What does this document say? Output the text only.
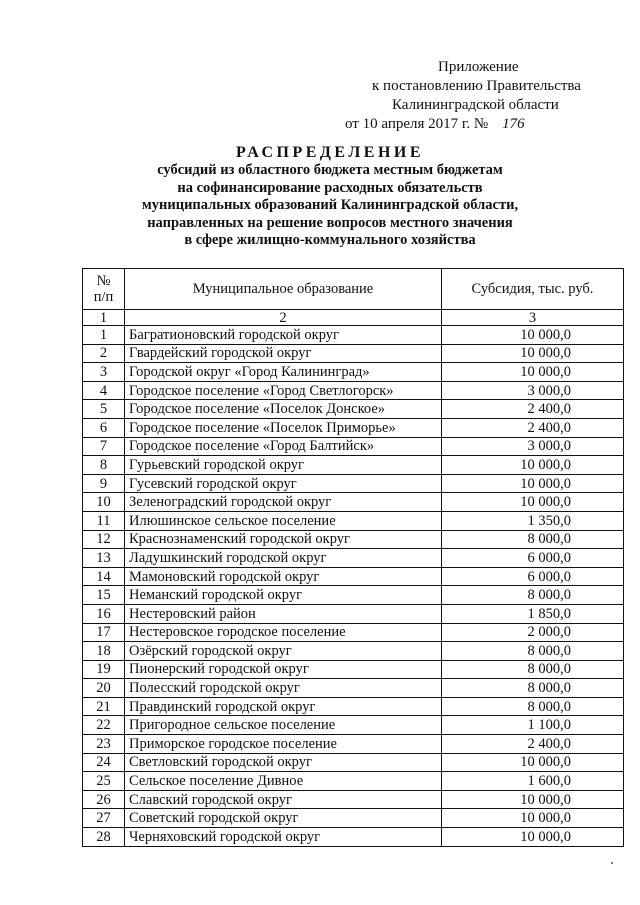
Приложение
к постановлению Правительства
Калининградской области
от 10 апреля 2017 г. № 176
РАСПРЕДЕЛЕНИЕ
субсидий из областного бюджета местным бюджетам
на софинансирование расходных обязательств
муниципальных образований Калининградской области,
направленных на решение вопросов местного значения
в сфере жилищно-коммунального хозяйства
№
п/п	Муниципальное образование	Субсидия, тыс. руб.
1	2	3
1	Багратионовский городской округ	10 000,0
2	Гвардейский городской округ	10 000,0
3	Городской округ «Город Калининград»	10 000,0
4	Городское поселение «Город Светлогорск»	3 000,0
5	Городское поселение «Поселок Донское»	2 400,0
6	Городское поселение «Поселок Приморье»	2 400,0
7	Городское поселение «Город Балтийск»	3 000,0
8	Гурьевский городской округ	10 000,0
9	Гусевский городской округ	10 000,0
10	Зеленоградский городской округ	10 000,0
11	Илюшинское сельское поселение	1 350,0
12	Краснознаменский городской округ	8 000,0
13	Ладушкинский городской округ	6 000,0
14	Мамоновский городской округ	6 000,0
15	Неманский городской округ	8 000,0
16	Нестеровский район	1 850,0
17	Нестеровское городское поселение	2 000,0
18	Озёрский городской округ	8 000,0
19	Пионерский городской округ	8 000,0
20	Полесский городской округ	8 000,0
21	Правдинский городской округ	8 000,0
22	Пригородное сельское поселение	1 100,0
23	Приморское городское поселение	2 400,0
24	Светловский городской округ	10 000,0
25	Сельское поселение Дивное	1 600,0
26	Славский городской округ	10 000,0
27	Советский городской округ	10 000,0
28	Черняховский городской округ	10 000,0
